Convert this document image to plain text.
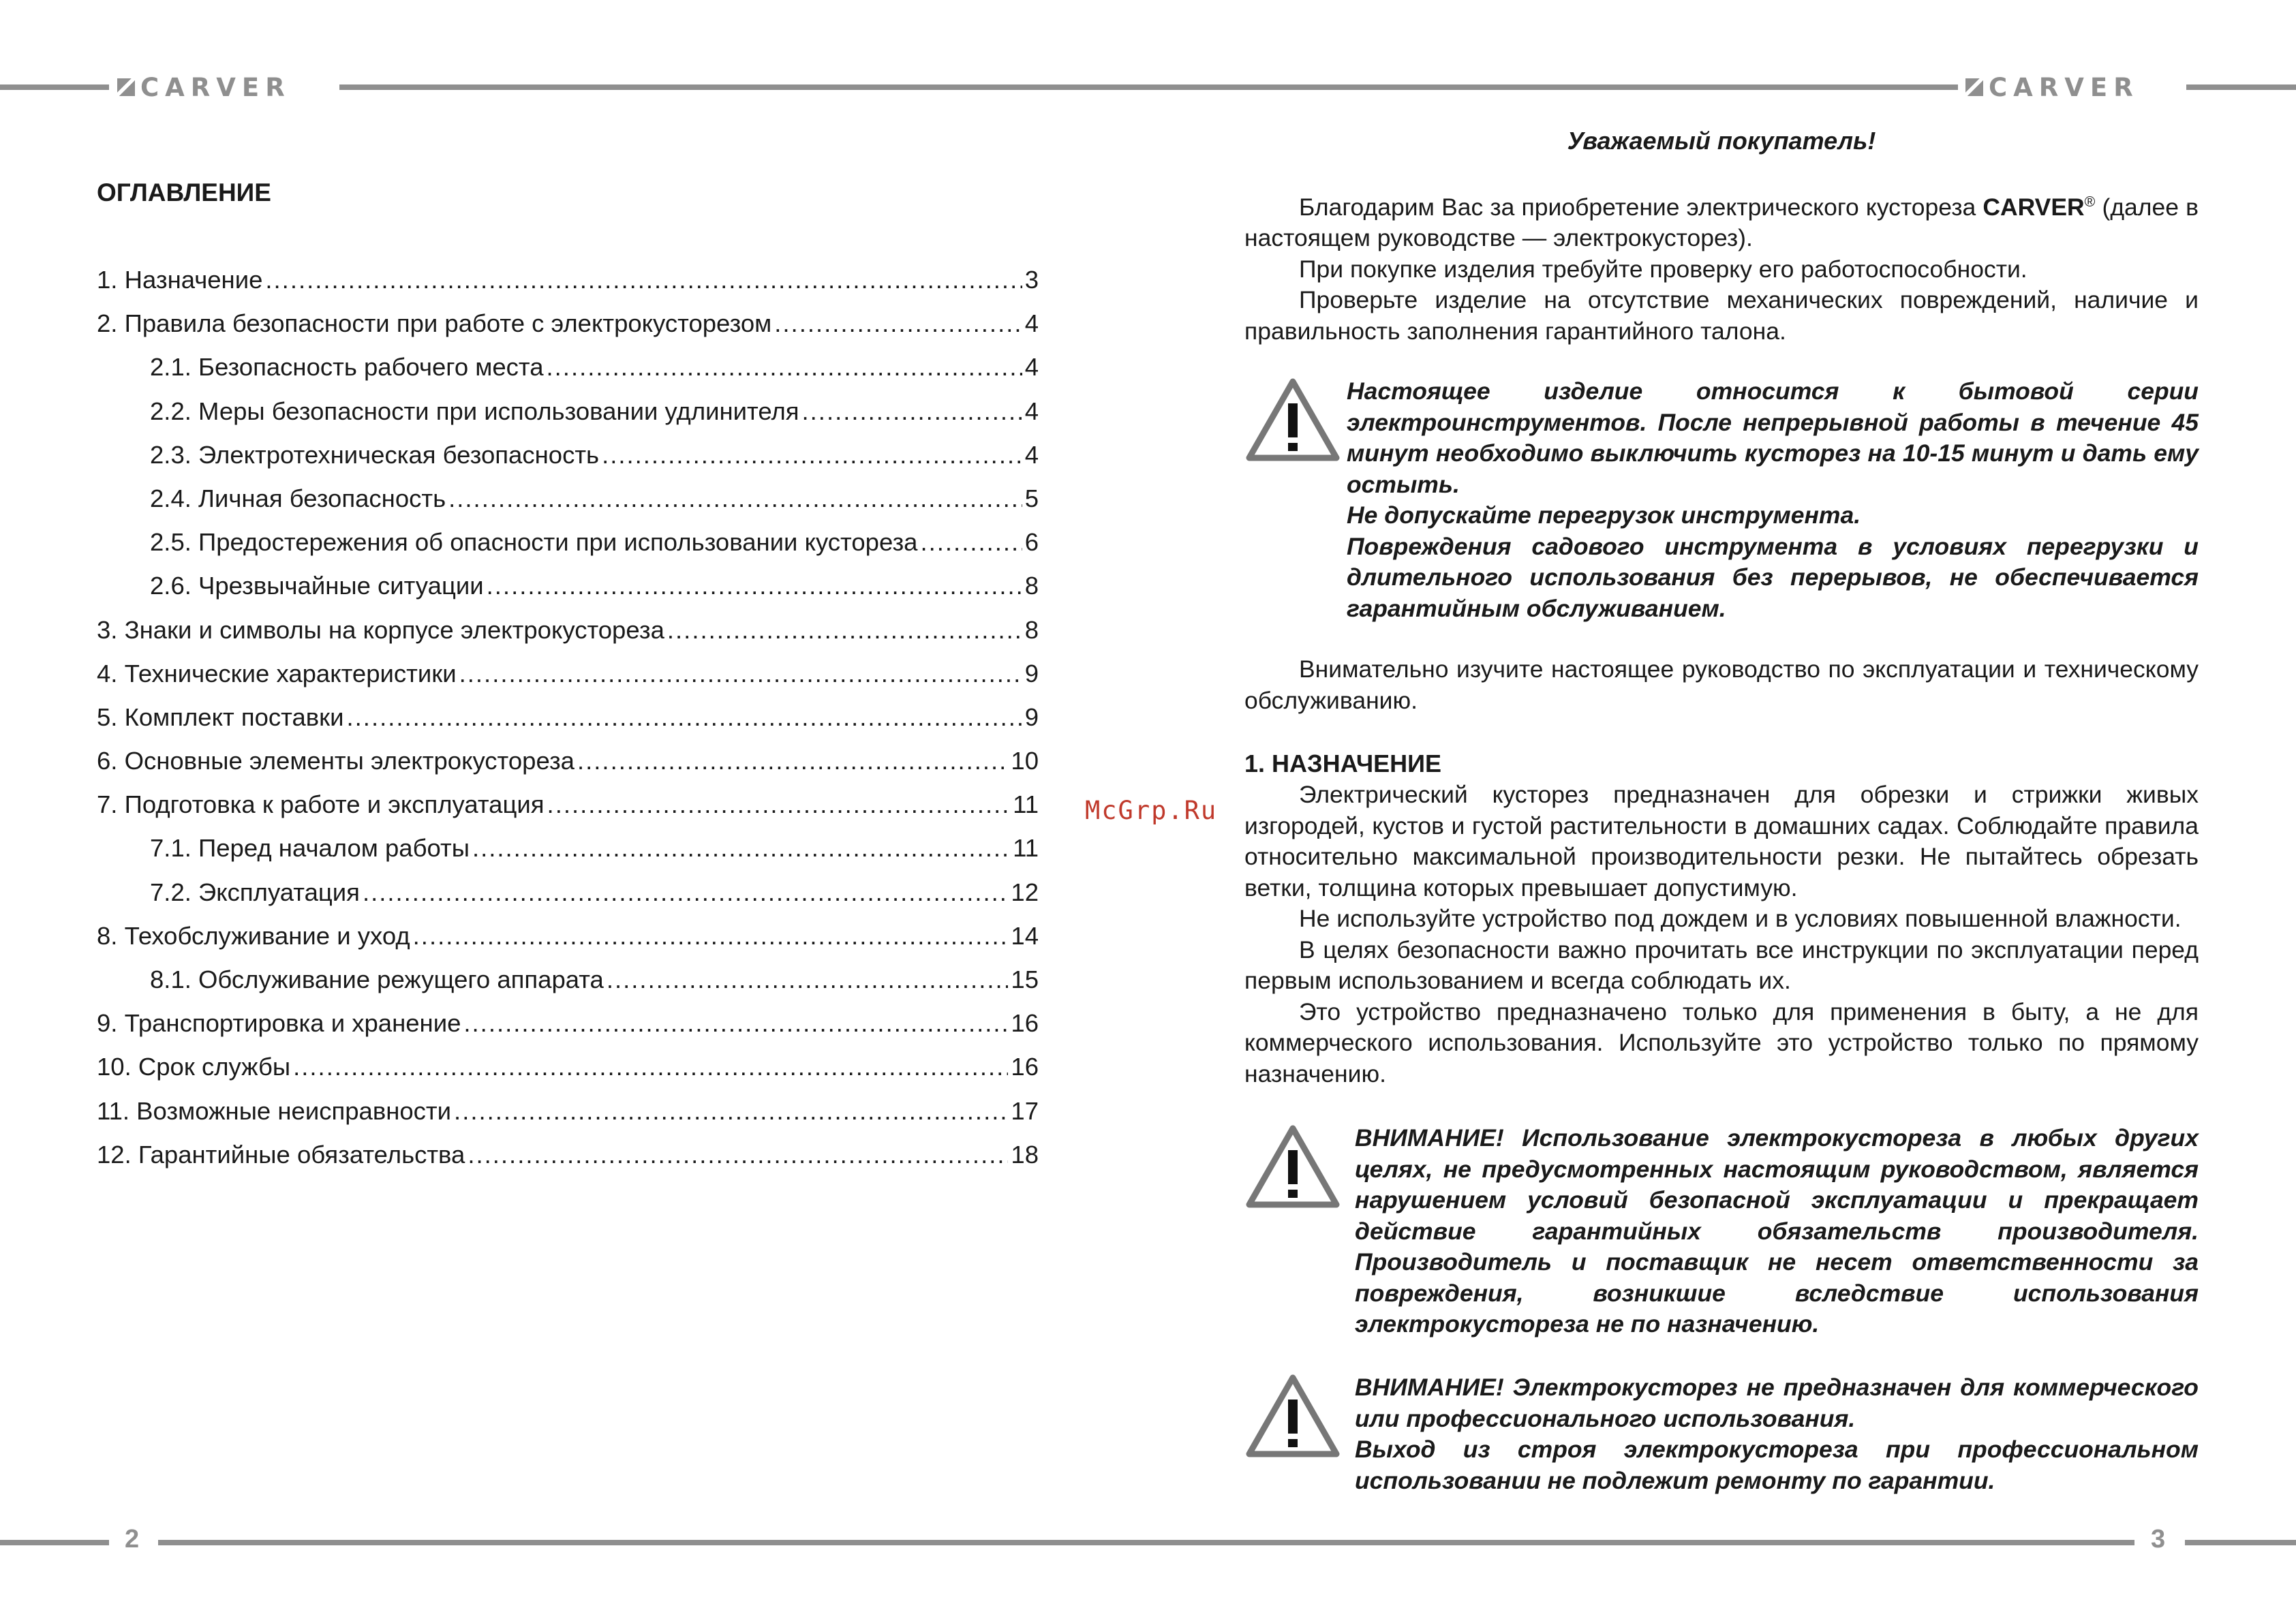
CARVER	CARVER
2	3
ОГЛАВЛЕНИЕ
1. Назначение .....	3
2. Правила безопасности при работе с электрокусторезом .....	4
2.1. Безопасность рабочего места .....	4
2.2. Меры безопасности при использовании удлинителя .....	4
2.3. Электротехническая безопасность .....	4
2.4. Личная безопасность .....	5
2.5. Предостережения об опасности при использовании кустореза .....	6
2.6. Чрезвычайные ситуации .....	8
3. Знаки и символы на корпусе электрокустореза .....	8
4. Технические характеристики .....	9
5. Комплект поставки .....	9
6. Основные элементы электрокустореза .....	10
7. Подготовка к работе и эксплуатация .....	11
7.1. Перед началом работы .....	11
7.2. Эксплуатация .....	12
8. Техобслуживание и уход .....	14
8.1. Обслуживание режущего аппарата .....	15
9. Транспортировка и хранение .....	16
10. Срок службы .....	16
11. Возможные неисправности .....	17
12. Гарантийные обязательства .....	18
McGrp.Ru
Уважаемый покупатель!

Благодарим Вас за приобретение электрического кустореза CARVER® (далее в настоящем руководстве — электрокусторез).

При покупке изделия требуйте проверку его работоспособности.

Проверьте изделие на отсутствие механических повреждений, наличие и правильность заполнения гарантийного талона.

Настоящее изделие относится к бытовой серии электроинструментов. После непрерывной работы в течение 45 минут необходимо выключить кусторез на 10-15 минут и дать ему остыть.

Не допускайте перегрузок инструмента.

Повреждения садового инструмента в условиях перегрузки и длительного использования без перерывов, не обеспечивается гарантийным обслуживанием.

Внимательно изучите настоящее руководство по эксплуатации и техническому обслуживанию.
1. НАЗНАЧЕНИЕ

Электрический кусторез предназначен для обрезки и стрижки живых изгородей, кустов и густой растительности в домашних садах. Соблюдайте правила относительно максимальной производительности резки. Не пытайтесь обрезать ветки, толщина которых превышает допустимую.

Не используйте устройство под дождем и в условиях повышенной влажности.

В целях безопасности важно прочитать все инструкции по эксплуатации перед первым использованием и всегда соблюдать их.

Это устройство предназначено только для применения в быту, а не для коммерческого использования. Используйте это устройство только по прямому назначению.

ВНИМАНИЕ! Использование электрокустореза в любых других целях, не предусмотренных настоящим руководством, является нарушением условий безопасной эксплуатации и прекращает действие гарантийных обязательств производителя. Производитель и поставщик не несет ответственности за повреждения, возникшие вследствие использования электрокустореза не по назначению.

ВНИМАНИЕ! Электрокусторез не предназначен для коммерческого или профессионального использования.

Выход из строя электрокустореза при профессиональном использовании не подлежит ремонту по гарантии.
